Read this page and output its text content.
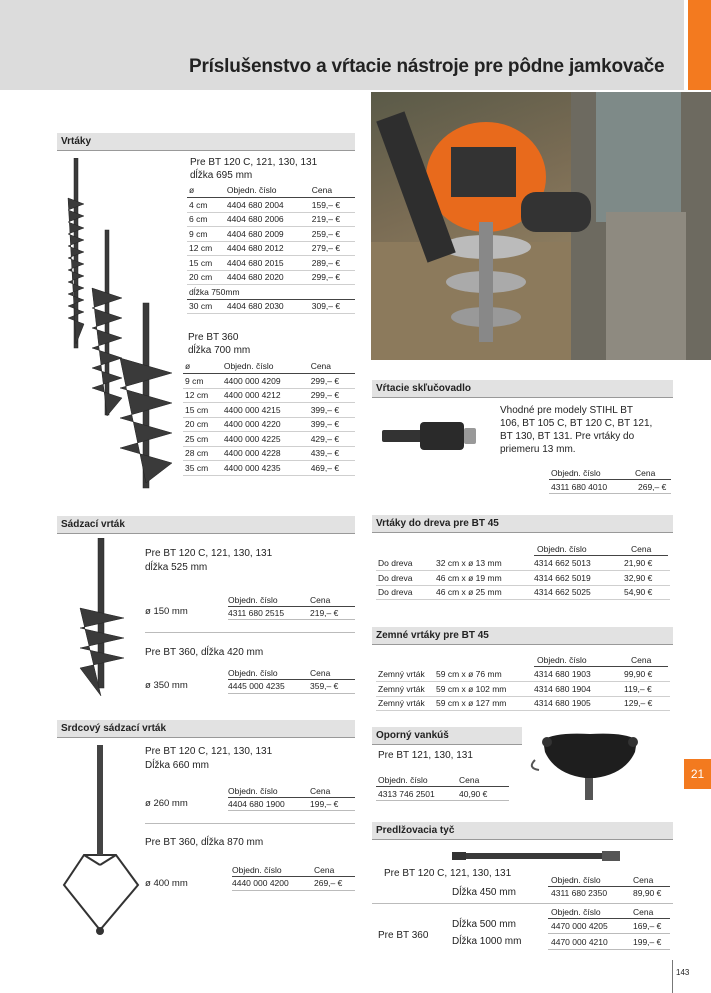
Príslušenstvo a vŕtacie nástroje pre pôdne jamkovače
Vrtáky
Pre BT 120 C, 121, 130, 131
dĺžka 695 mm
ø	Objedn. číslo	Cena
4 cm	4404 680 2004	159,– €
6 cm	4404 680 2006	219,– €
9 cm	4404 680 2009	259,– €
12 cm	4404 680 2012	279,– €
15 cm	4404 680 2015	289,– €
20 cm	4404 680 2020	299,– €
dĺžka 750mm		
30 cm	4404 680 2030	309,– €
Pre BT 360
dĺžka 700 mm
ø	Objedn. číslo	Cena
9 cm	4400 000 4209	299,– €
12 cm	4400 000 4212	299,– €
15 cm	4400 000 4215	399,– €
20 cm	4400 000 4220	399,– €
25 cm	4400 000 4225	429,– €
28 cm	4400 000 4228	439,– €
35 cm	4400 000 4235	469,– €
Sádzací vrták
Pre BT 120 C, 121, 130, 131
dĺžka 525 mm
Objedn. číslo	Cena
ø 150 mm	4311 680 2515	219,– €
Pre BT 360, dĺžka 420 mm
Objedn. číslo	Cena
ø 350 mm	4445 000 4235	359,– €
Srdcový sádzací vrták
Pre BT 120 C, 121, 130, 131
Dĺžka 660 mm
Objedn. číslo	Cena
ø 260 mm	4404 680 1900	199,– €
Pre BT 360, dĺžka 870 mm
Objedn. číslo	Cena
ø 400 mm	4440 000 4200	269,– €
Vŕtacie skľučovadlo
Vhodné pre modely STIHL BT
106, BT 105 C, BT 120 C, BT 121,
BT 130, BT 131. Pre vrtáky do
priemeru 13 mm.
Objedn. číslo	Cena
4311 680 4010	269,– €
Vrtáky do dreva pre BT 45
Objedn. číslo	Cena
Do dreva	32 cm x ø 13 mm	4314 662 5013	21,90 €
Do dreva	46 cm x ø 19 mm	4314 662 5019	32,90 €
Do dreva	46 cm x ø 25 mm	4314 662 5025	54,90 €
Zemné vrtáky pre BT 45
Objedn. číslo	Cena
Zemný vrták	59 cm x ø 76 mm	4314 680 1903	99,90 €
Zemný vrták	59 cm x ø 102 mm	4314 680 1904	119,– €
Zemný vrták	59 cm x ø 127 mm	4314 680 1905	129,– €
Oporný vankúš
Pre BT 121, 130, 131
Objedn. číslo	Cena
4313 746 2501	40,90 €
Predlžovacia tyč
Pre BT 120 C, 121, 130, 131
Objedn. číslo	Cena
Dĺžka 450 mm	4311 680 2350	89,90 €
Objedn. číslo	Cena
Dĺžka 500 mm	4470 000 4205	169,– €
Pre BT 360
Dĺžka 1000 mm	4470 000 4210	199,– €
21
143
